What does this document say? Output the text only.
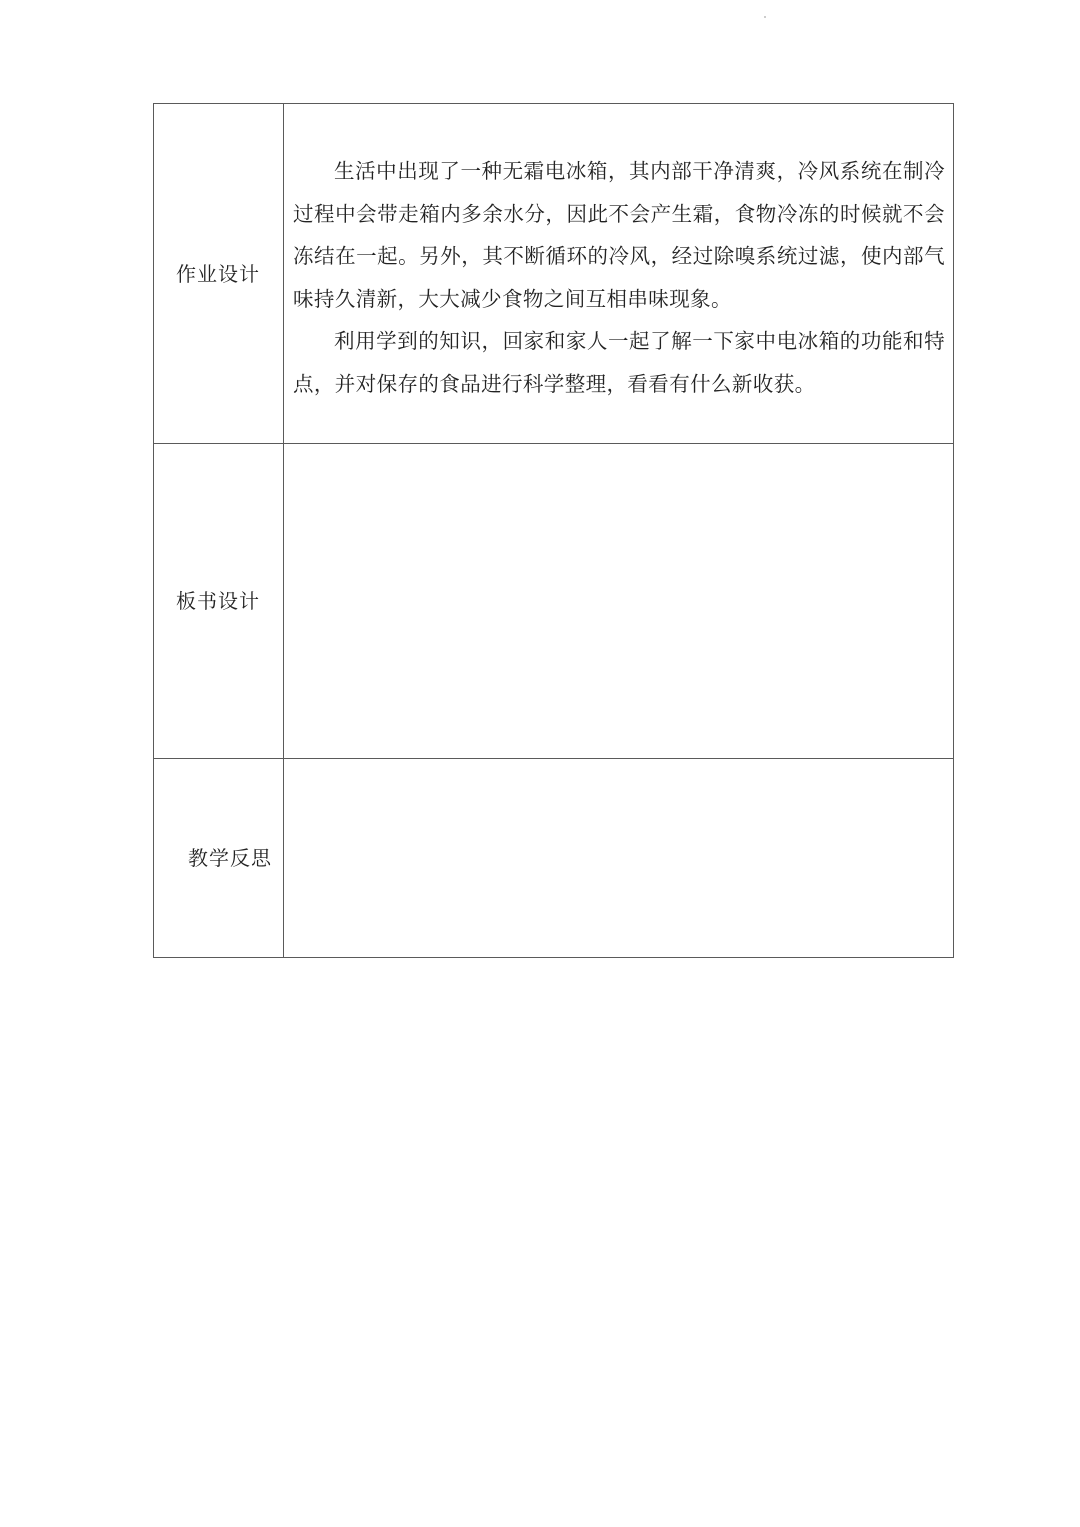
作业设计	生活中出现了一种无霜电冰箱，其内部干净清爽，冷风系统在制冷过程中会带走箱内多余水分，因此不会产生霜，食物冷冻的时候就不会冻结在一起。另外，其不断循环的冷风，经过除嗅系统过滤，使内部气味持久清新，大大减少食物之间互相串味现象。

利用学到的知识，回家和家人一起了解一下家中电冰箱的功能和特点，并对保存的食品进行科学整理，看看有什么新收获。

板书设计	
教学反思	
